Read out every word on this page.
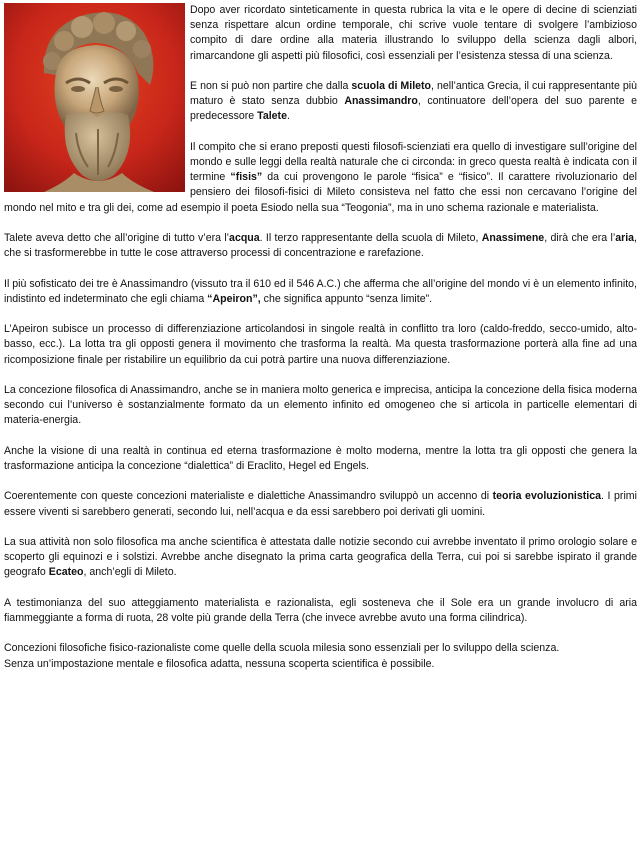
Dopo aver ricordato sinteticamente in questa rubrica la vita e le opere di decine di scienziati senza rispettare alcun ordine temporale, chi scrive vuole tentare di svolgere l’ambizioso compito di dare ordine alla materia illustrando lo sviluppo della scienza dagli albori, rimarcandone gli aspetti più filosofici, così essenziali per l’esistenza stessa di una scienza.

E non si può non partire che dalla scuola di Mileto, nell’antica Grecia, il cui rappresentante più maturo è stato senza dubbio Anassimandro, continuatore dell’opera del suo parente e predecessore Talete.

Il compito che si erano preposti questi filosofi-scienziati era quello di investigare sull’origine del mondo e sulle leggi della realtà naturale che ci circonda: in greco questa realtà è indicata con il termine “fisis” da cui provengono le parole “fisica” e “fisico”. Il carattere rivoluzionario del pensiero dei filosofi-fisici di Mileto consisteva nel fatto che essi non cercavano l’origine del mondo nel mito e tra gli dei, come ad esempio il poeta Esiodo nella sua “Teogonia”, ma in uno schema razionale e materialista.

Talete aveva detto che all’origine di tutto v’era l’acqua. Il terzo rappresentante della scuola di Mileto, Anassimene, dirà che era l’aria, che si trasformerebbe in tutte le cose attraverso processi di concentrazione e rarefazione.

Il più sofisticato dei tre è Anassimandro (vissuto tra il 610 ed il 546 A.C.) che afferma che all’origine del mondo vi è un elemento infinito, indistinto ed indeterminato che egli chiama “Apeiron”, che significa appunto “senza limite”.

L’Apeiron subisce un processo di differenziazione articolandosi in singole realtà in conflitto tra loro (caldo-freddo, secco-umido, alto-basso, ecc.). La lotta tra gli opposti genera il movimento che trasforma la realtà. Ma questa trasformazione porterà alla fine ad una ricomposizione finale per ristabilire un equilibrio da cui potrà partire una nuova differenziazione.

La concezione filosofica di Anassimandro, anche se in maniera molto generica e imprecisa, anticipa la concezione della fisica moderna secondo cui l’universo è sostanzialmente formato da un elemento infinito ed omogeneo che si articola in particelle elementari di materia-energia.

Anche la visione di una realtà in continua ed eterna trasformazione è molto moderna, mentre la lotta tra gli opposti che genera la trasformazione anticipa la concezione “dialettica” di Eraclito, Hegel ed Engels.

Coerentemente con queste concezioni materialiste e dialettiche Anassimandro sviluppò un accenno di teoria evoluzionistica. I primi essere viventi si sarebbero generati, secondo lui, nell’acqua e da essi sarebbero poi derivati gli uomini.

La sua attività non solo filosofica ma anche scientifica è attestata dalle notizie secondo cui avrebbe inventato il primo orologio solare e scoperto gli equinozi e i solstizi. Avrebbe anche disegnato la prima carta geografica della Terra, cui poi si sarebbe ispirato il grande geografo Ecateo, anch’egli di Mileto.

A testimonianza del suo atteggiamento materialista e razionalista, egli sosteneva che il Sole era un grande involucro di aria fiammeggiante a forma di ruota, 28 volte più grande della Terra (che invece avrebbe avuto una forma cilindrica).

Concezioni filosofiche fisico-razionaliste come quelle della scuola milesia sono essenziali per lo sviluppo della scienza.

Senza un’impostazione mentale e filosofica adatta, nessuna scoperta scientifica è possibile.
